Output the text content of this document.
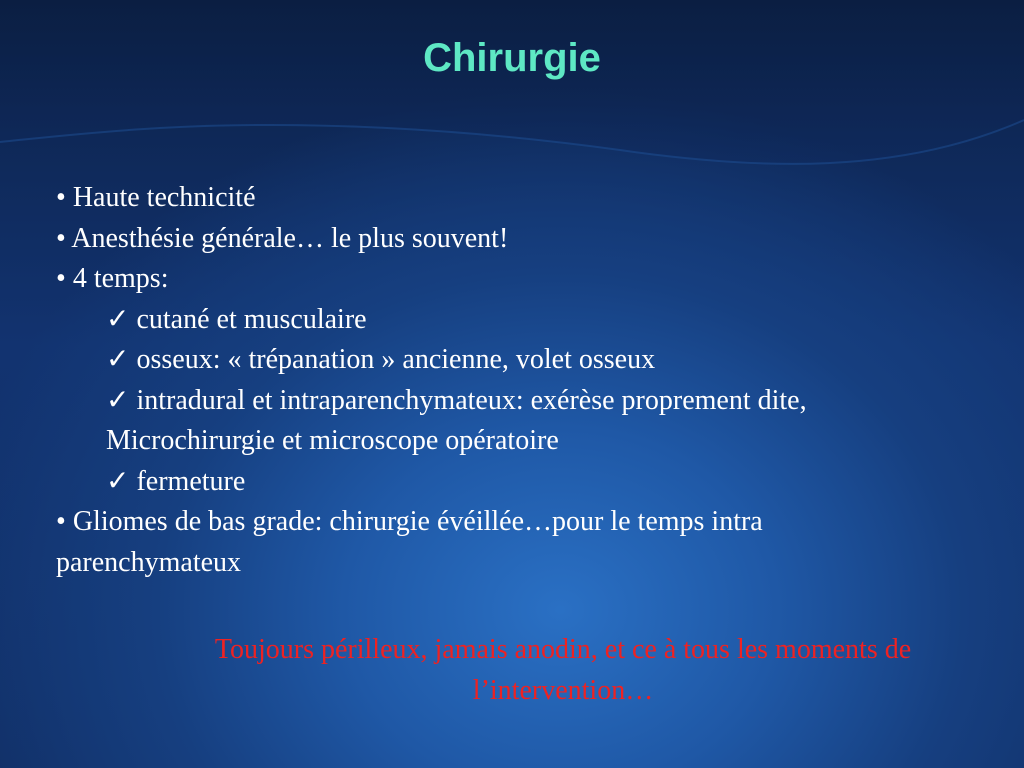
Chirurgie
• Haute technicité
• Anesthésie générale… le plus souvent!
• 4 temps:
✓ cutané et musculaire
✓ osseux: « trépanation » ancienne, volet osseux
✓ intradural et intraparenchymateux: exérèse proprement dite,
Microchirurgie et microscope opératoire
✓ fermeture
• Gliomes de bas grade: chirurgie évéillée…pour le temps intra
parenchymateux
Toujours périlleux, jamais anodin, et ce à tous les moments de
l’intervention…
